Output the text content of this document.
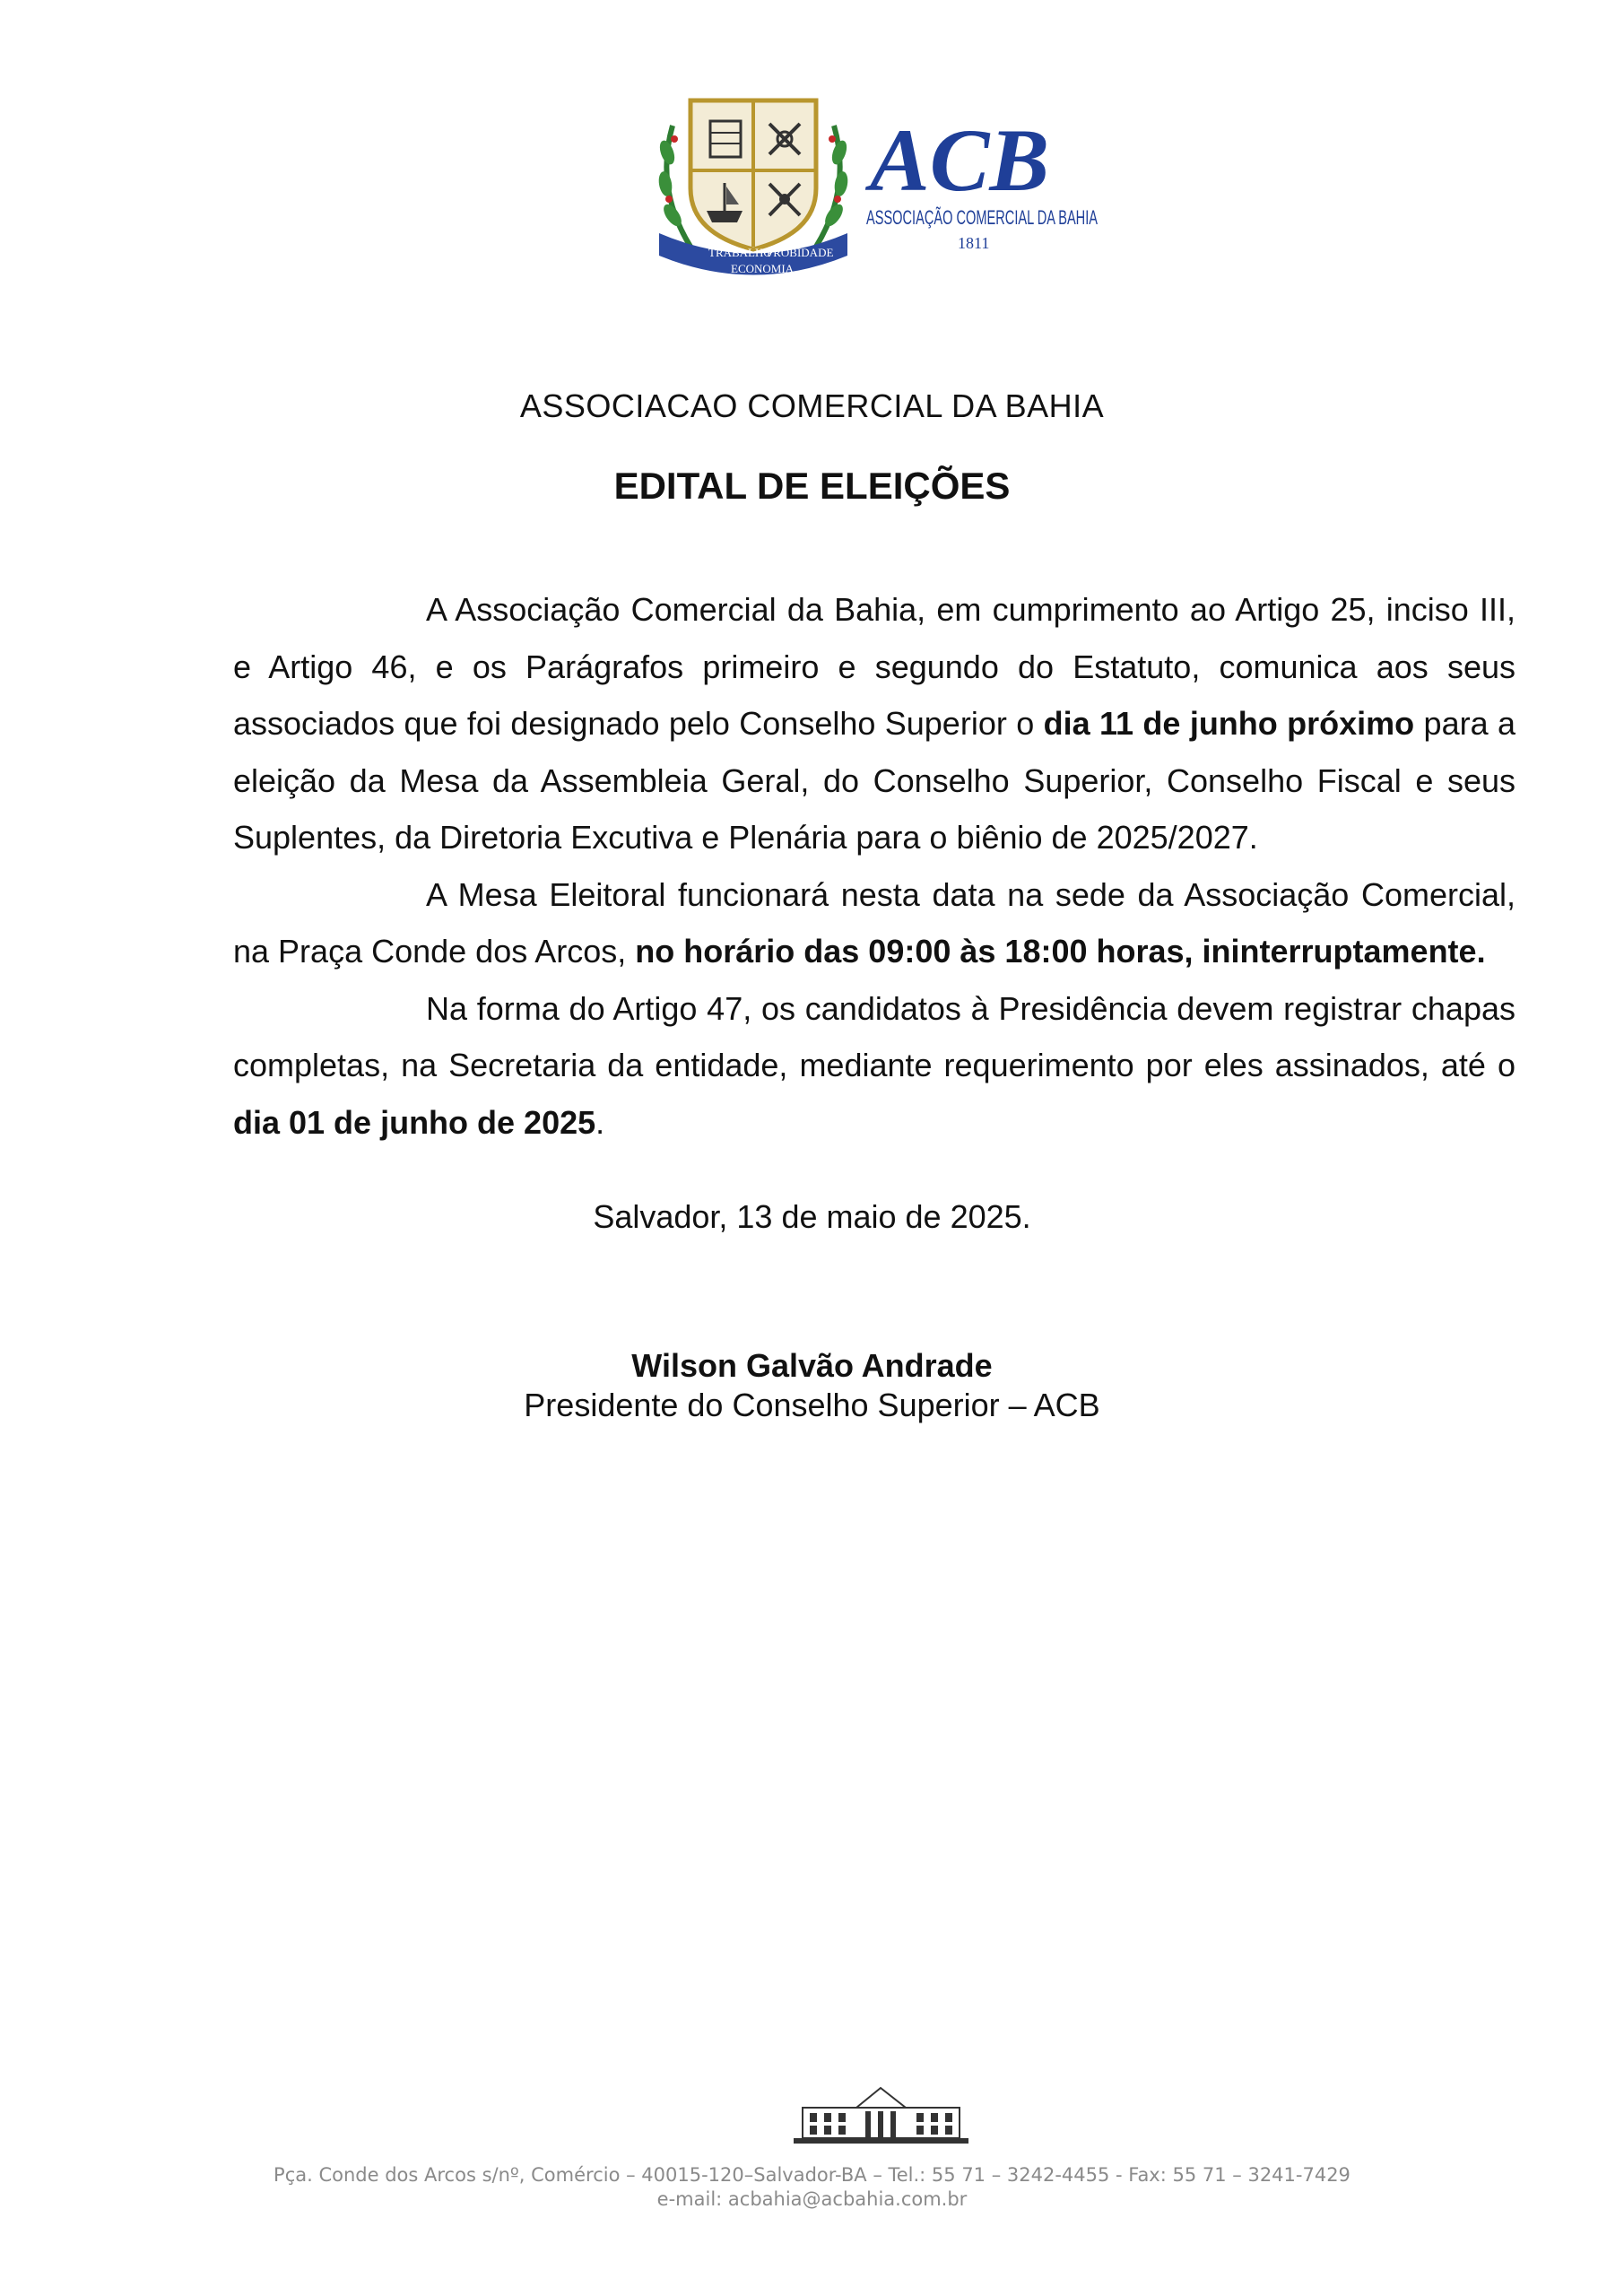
TRABALHO
PROBIDADE
ECONOMIA
ACB
ASSOCIAÇÃO COMERCIAL DA BAHIA
1811
ASSOCIACAO COMERCIAL DA BAHIA
EDITAL DE ELEIÇÕES

A Associação Comercial da Bahia, em cumprimento ao Artigo 25, inciso III, e Artigo 46, e os Parágrafos primeiro e segundo do Estatuto, comunica aos seus associados que foi designado pelo Conselho Superior o dia 11 de junho próximo para a eleição da Mesa da Assembleia Geral, do Conselho Superior, Conselho Fiscal e seus Suplentes, da Diretoria Excutiva e Plenária para o biênio de 2025/2027.

A Mesa Eleitoral funcionará nesta data na sede da Associação Comercial, na Praça Conde dos Arcos, no horário das 09:00 às 18:00 horas, ininterruptamente.

Na forma do Artigo 47, os candidatos à Presidência devem registrar chapas completas, na Secretaria da entidade, mediante requerimento por eles assinados, até o dia 01 de junho de 2025.

Salvador, 13 de maio de 2025.
Wilson Galvão Andrade
Presidente do Conselho Superior – ACB
Pça. Conde dos Arcos s/nº, Comércio – 40015-120–Salvador-BA – Tel.: 55 71 – 3242-4455 - Fax: 55 71 – 3241-7429
e-mail: acbahia@acbahia.com.br
